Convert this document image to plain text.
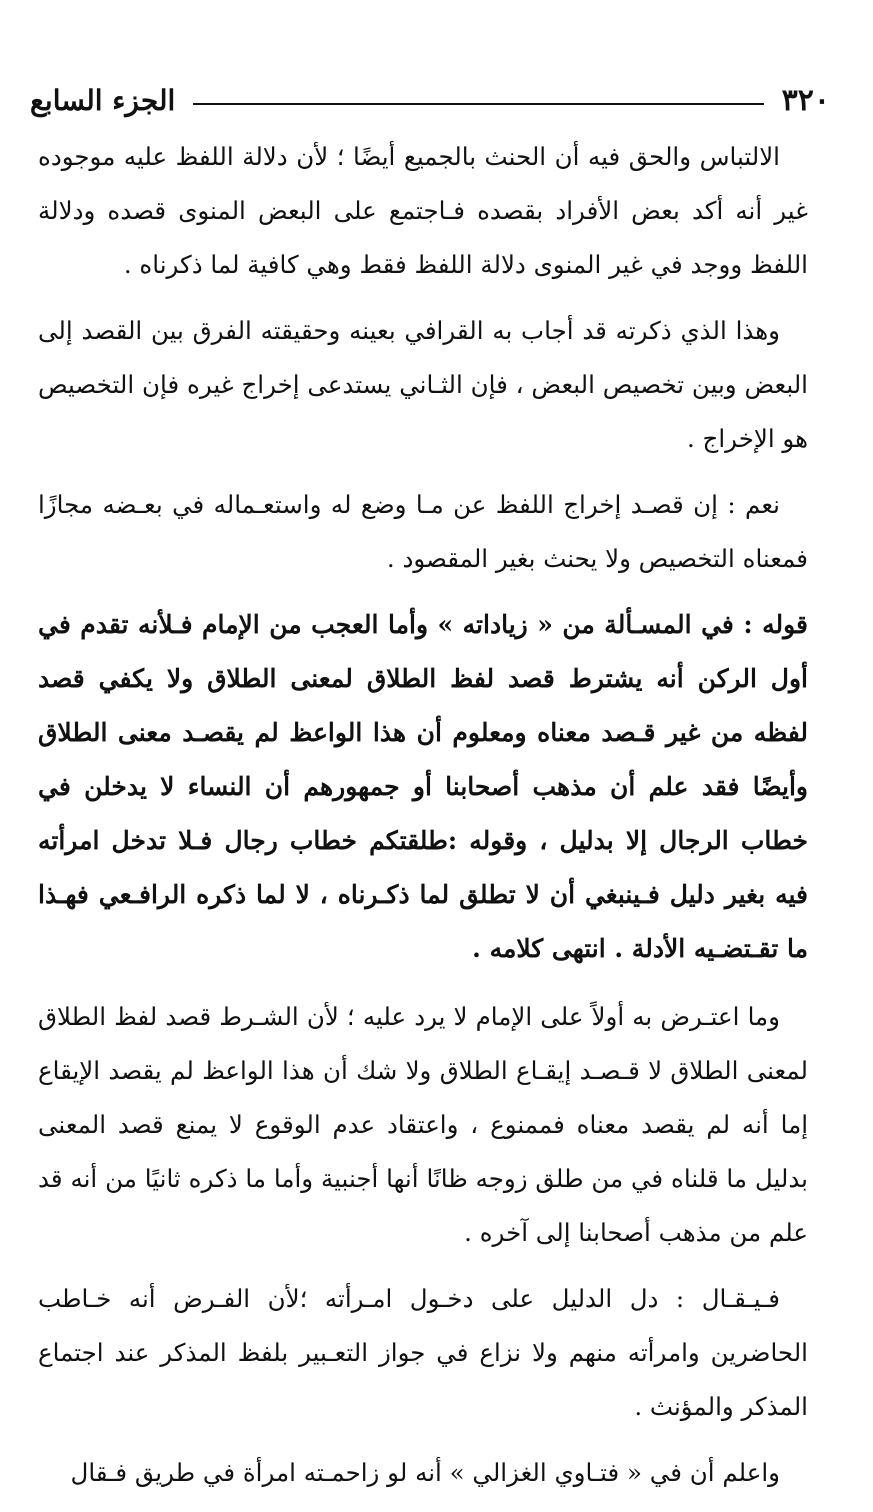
٣٢٠
الجزء السابع

الالتباس والحق فيه أن الحنث بالجميع أيضًا ؛ لأن دلالة اللفظ عليه موجوده غير أنه أكد بعض الأفراد بقصده فـاجتمع على البعض المنوى قصده ودلالة اللفظ ووجد في غير المنوى دلالة اللفظ فقط وهي كافية لما ذكرناه .

وهذا الذي ذكرته قد أجاب به القرافي بعينه وحقيقته الفرق بين القصد إلى البعض وبين تخصيص البعض ، فإن الثـاني يستدعى إخراج غيره فإن التخصيص هو الإخراج .

نعم : إن قصـد إخراج اللفظ عن مـا وضع له واستعـماله في بعـضه مجازًا فمعناه التخصيص ولا يحنث بغير المقصود .

قوله : في المسـألة من « زياداته » وأما العجب من الإمام فـلأنه تقدم في أول الركن أنه يشترط قصد لفظ الطلاق لمعنى الطلاق ولا يكفي قصد لفظه من غير قـصد معناه ومعلوم أن هذا الواعظ لم يقصـد معنى الطلاق وأيضًا فقد علم أن مذهب أصحابنا أو جمهورهم أن النساء لا يدخلن في خطاب الرجال إلا بدليل ، وقوله :طلقتكم خطاب رجال فـلا تدخل امرأته فيه بغير دليل فـينبغي أن لا تطلق لما ذكـرناه ، لا لما ذكره الرافـعي فهـذا ما تقـتضـيه الأدلة . انتهى كلامه .

وما اعتـرض به أولاً على الإمام لا يرد عليه ؛ لأن الشـرط قصد لفظ الطلاق لمعنى الطلاق لا قـصـد إيقـاع الطلاق ولا شك أن هذا الواعظ لم يقصد الإيقاع إما أنه لم يقصد معناه فممنوع ، واعتقاد عدم الوقوع لا يمنع قصد المعنى بدليل ما قلناه في من طلق زوجه ظانًا أنها أجنبية وأما ما ذكره ثانيًا من أنه قد علم من مذهب أصحابنا إلى آخره .

فـيـقـال : دل الدليل على دخـول امـرأته ؛لأن الفـرض أنه خـاطب الحاضرين وامرأته منهم ولا نزاع في جواز التعـبير بلفظ المذكر عند اجتماع المذكر والمؤنث .

واعلم أن في « فتـاوي الغزالي » أنه لو زاحمـته امرأة في طريق فـقال
